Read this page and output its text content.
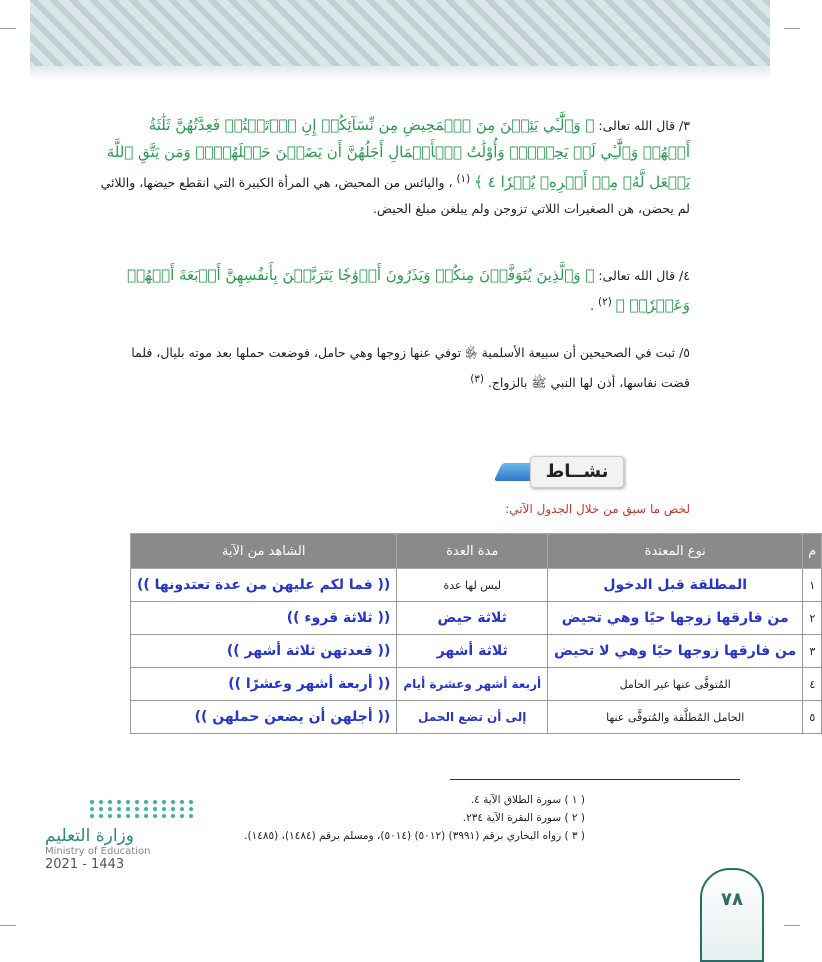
٣/ قال الله تعالى: ﴿ وَٱلَّٰٓـِٔي يَئِسۡنَ مِنَ ٱلۡمَحِيضِ مِن نِّسَآئِكُمۡ إِنِ ٱرۡتَبۡتُمۡ فَعِدَّتُهُنَّ ثَلَٰثَةُ أَشۡهُرٖ وَٱلَّٰٓـِٔي لَمۡ يَحِضۡنَۚ وَأُوْلَٰتُ ٱلۡأَحۡمَالِ أَجَلُهُنَّ أَن يَضَعۡنَ حَمۡلَهُنَّۚ وَمَن يَتَّقِ ٱللَّهَ يَجۡعَل لَّهُۥ مِنۡ أَمۡرِهِۦ يُسۡرٗا ٤ ﴾ $^{(١)}$ ، واليائس من المحيض، هي المرأة الكبيرة التي انقطع حيضها، واللائي لم يحضن، هن الصغيرات اللاتي تزوجن ولم يبلغن مبلغ الحيض.
٤/ قال الله تعالى: ﴿ وَٱلَّذِينَ يُتَوَفَّوۡنَ مِنكُمۡ وَيَذَرُونَ أَزۡوَٰجٗا يَتَرَبَّصۡنَ بِأَنفُسِهِنَّ أَرۡبَعَةَ أَشۡهُرٖ وَعَشۡرٗاۖ ﴾ $^{(٢)}$ .
٥/ ثبت في الصحيحين أن سبيعة الأسلمية ﵂ توفي عنها زوجها وهي حامل، فوضعت حملها بعد موته بليال، فلما قضت نفاسها، أذن لها النبي ﷺ بالزواج. $^{(٣)}$
نشــاط
لخص ما سبق من خلال الجدول الآتي:
م	نوع المعتدة	مدة العدة	الشاهد من الآية
١	المطلقة قبل الدخول	ليس لها عدة	(( فما لكم عليهن من عدة تعتدونها ))
٢	من فارقها زوجها حيًا وهي تحيض	ثلاثة حيض	(( ثلاثة قروء ))
٣	من فارقها زوجها حيًا وهي لا تحيض	ثلاثة أشهر	(( فعدتهن ثلاثة أشهر ))
٤	المُتوفَّى عنها غير الحامل	أربعة أشهر وعشرة أيام	(( أربعة أشهر وعشرًا ))
٥	الحامل المُطلَّقة والمُتوفَّى عنها	إلى أن تضع الحمل	(( أجلهن أن يضعن حملهن ))
( ١ ) سورة الطلاق الآية ٤.
( ٢ ) سورة البقرة الآية ٢٣٤.
( ٣ ) رواه البخاري برقم (٣٩٩١) (٥٠١٢) (٥٠١٤)، ومسلم برقم (١٤٨٤)، (١٤٨٥).
وزارة التعليم
Ministry of Education
2021 - 1443
٧٨
